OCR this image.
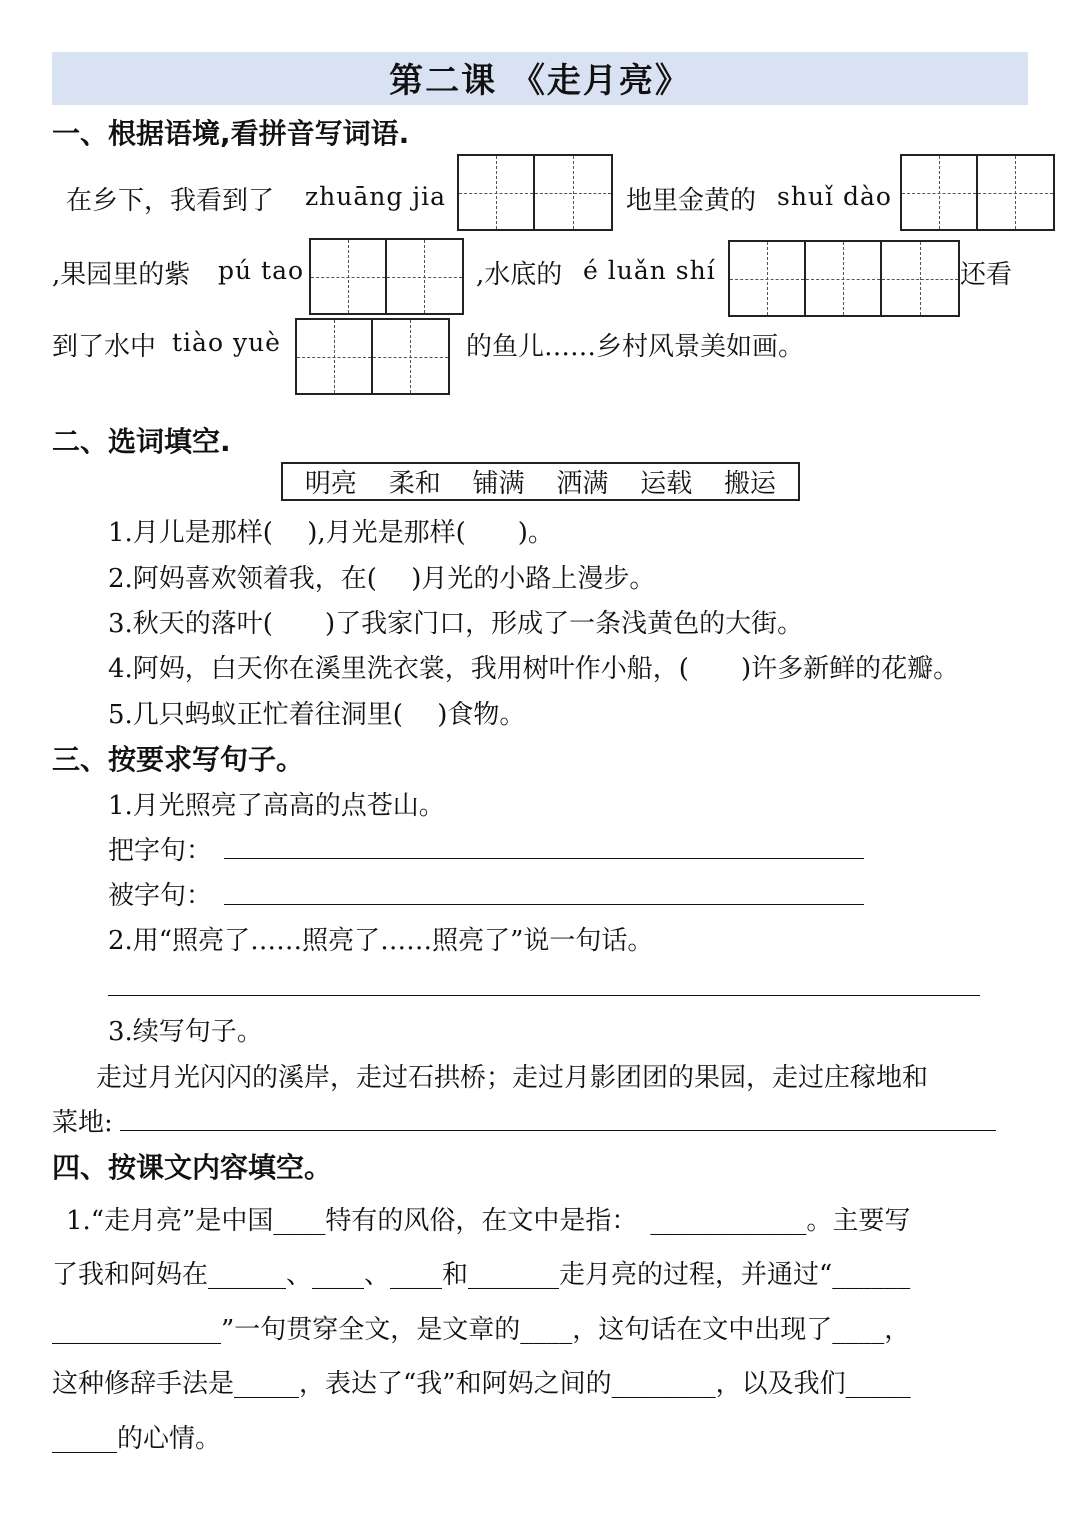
第二课 《走月亮》
一、根据语境,看拼音写词语.
在乡下，我看到了 zhuāng jia	地里金黄的 shuǐ dào
,果园里的紫 pú tao	,水底的 é luǎn shí	还看
到了水中 tiào yuè	的鱼儿……乡村风景美如画。
二、选词填空.
明亮 柔和 铺满 洒满 运载 搬运
1.月儿是那样(　 ),月光是那样(　　)。
2.阿妈喜欢领着我，在(　 )月光的小路上漫步。
3.秋天的落叶(　　)了我家门口，形成了一条浅黄色的大街。
4.阿妈，白天你在溪里洗衣裳，我用树叶作小船，(　　)许多新鲜的花瓣。
5.几只蚂蚁正忙着往洞里(　 )食物。
三、按要求写句子。
1.月光照亮了高高的点苍山。
把字句：
被字句：
2.用“照亮了……照亮了……照亮了”说一句话。
3.续写句子。
走过月光闪闪的溪岸，走过石拱桥；走过月影团团的果园，走过庄稼地和
菜地:
四、按课文内容填空。
1.“走月亮”是中国____特有的风俗，在文中是指：　____________。主要写
了我和阿妈在______、____、____和_______走月亮的过程，并通过“______
_____________”一句贯穿全文，是文章的____，这句话在文中出现了____，
这种修辞手法是_____，表达了“我”和阿妈之间的________，以及我们_____
_____的心情。
